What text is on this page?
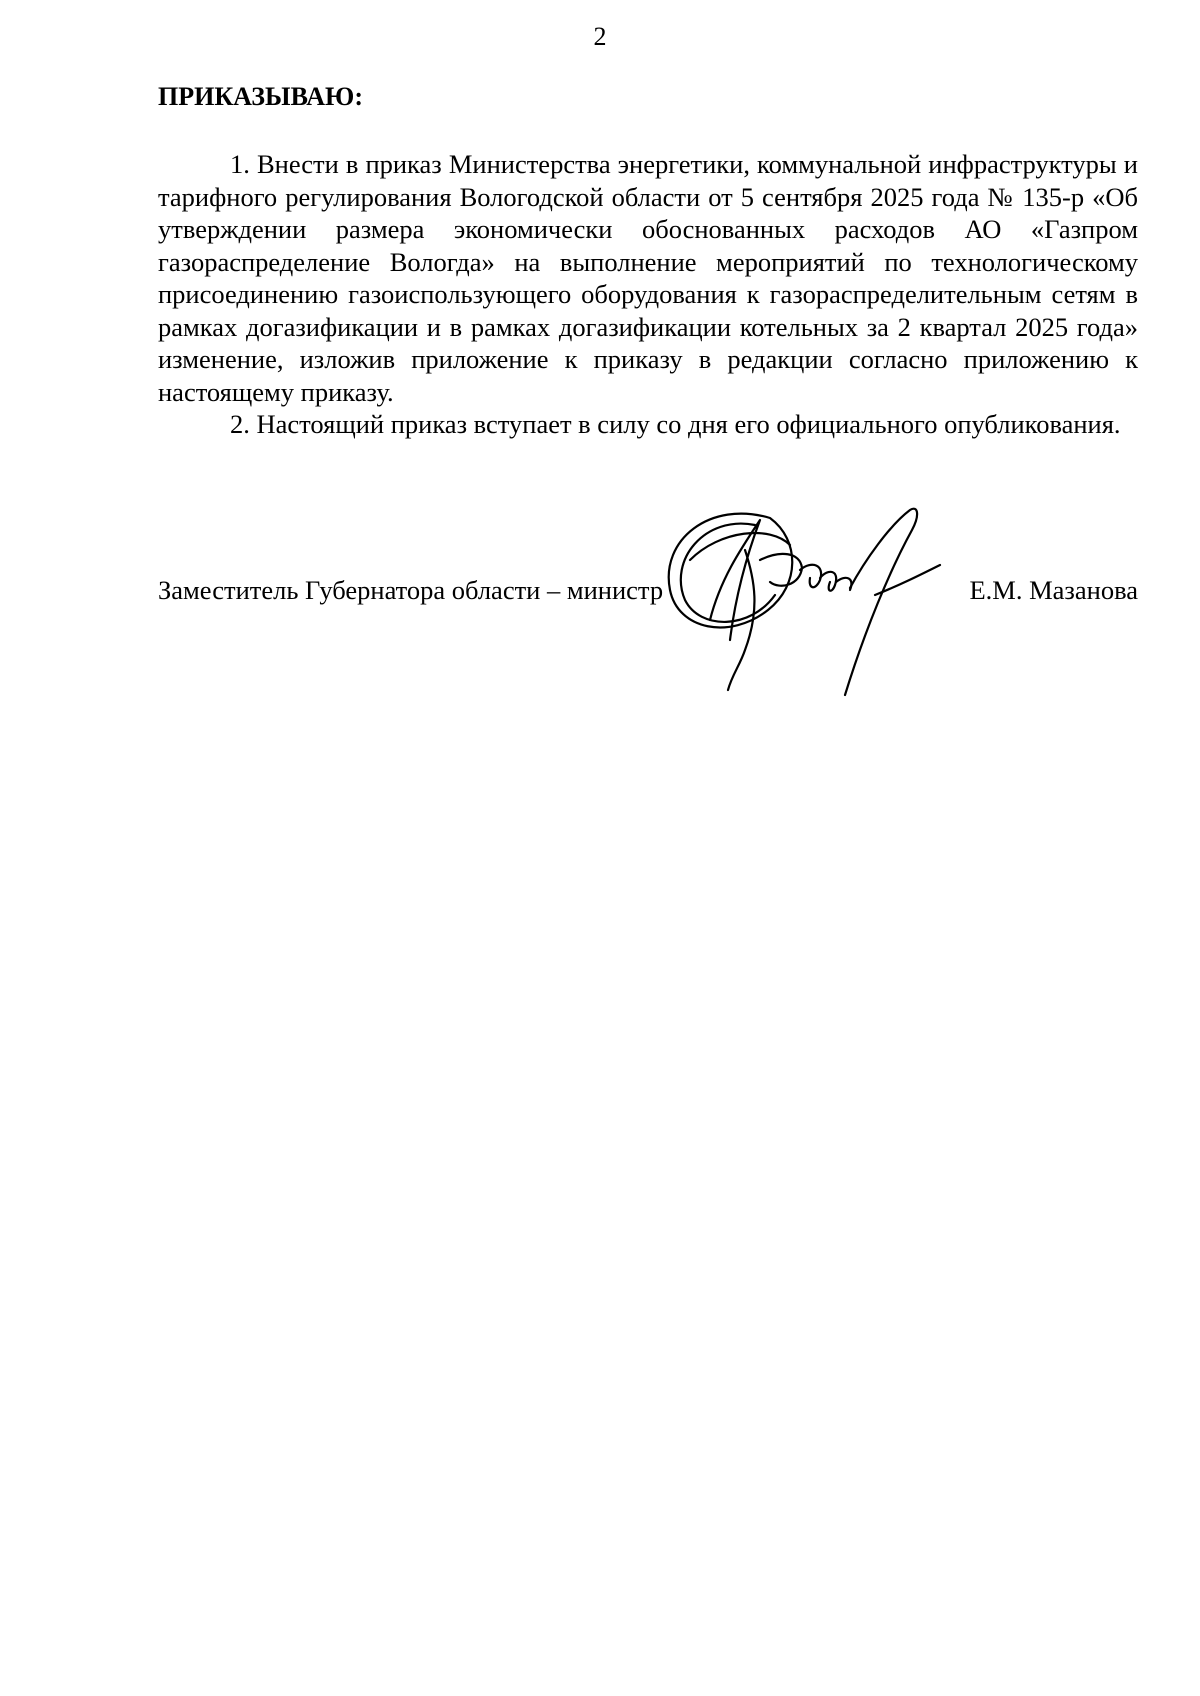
2
ПРИКАЗЫВАЮ:

1. Внести в приказ Министерства энергетики, коммунальной инфраструктуры и тарифного регулирования Вологодской области от 5 сентября 2025 года № 135-р «Об утверждении размера экономически обоснованных расходов АО «Газпром газораспределение Вологда» на выполнение мероприятий по технологическому присоединению газоиспользующего оборудования к газораспределительным сетям в рамках догазификации и в рамках догазификации котельных за 2 квартал 2025 года» изменение, изложив приложение к приказу в редакции согласно приложению к настоящему приказу.

2. Настоящий приказ вступает в силу со дня его официального опубликования.

Заместитель Губернатора области – министр	Е.М. Мазанова
